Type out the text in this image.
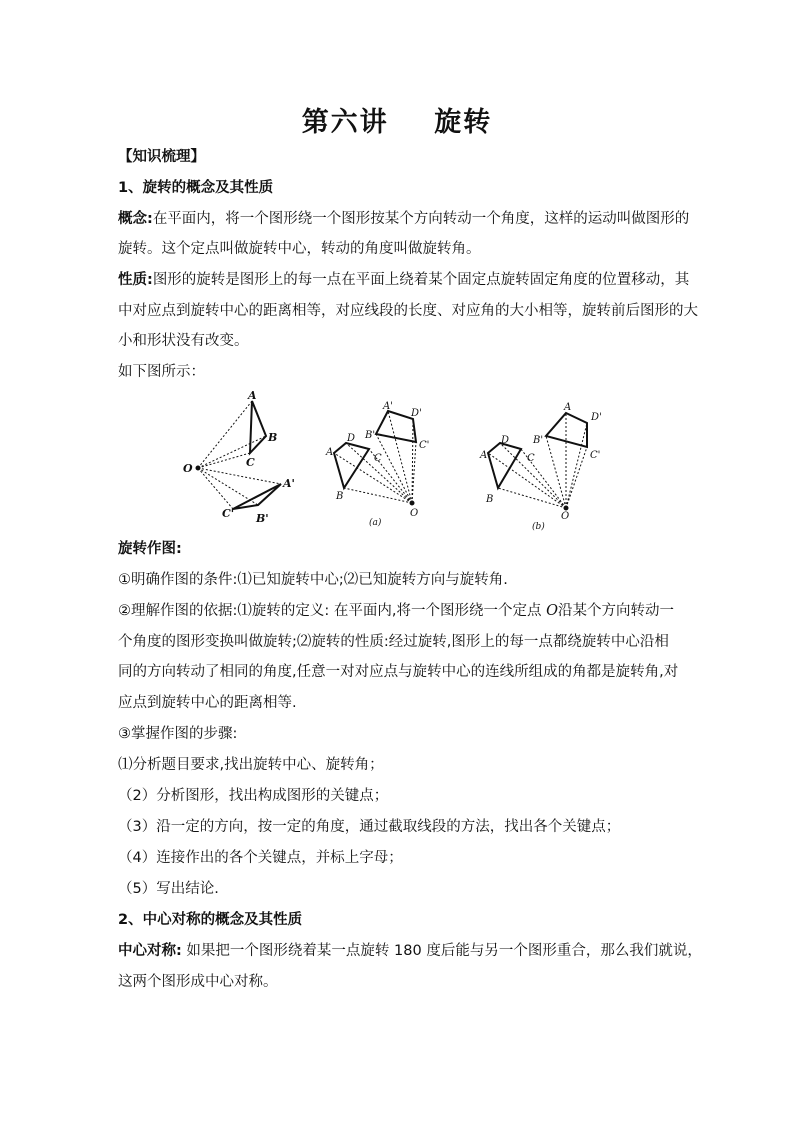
第六讲    旋转
【知识梳理】
1、旋转的概念及其性质
概念:在平面内，将一个图形绕一个图形按某个方向转动一个角度，这样的运动叫做图形的
旋转。这个定点叫做旋转中心，转动的角度叫做旋转角。
性质:图形的旋转是图形上的每一点在平面上绕着某个固定点旋转固定角度的位置移动，其
中对应点到旋转中心的距离相等，对应线段的长度、对应角的大小相等，旋转前后图形的大
小和形状没有改变。
如下图所示：
A
B
C
O
A'
C' B'
A
D
C
B
A'
D'
B'
C'
O
(a)
A
D
C
B
A
D'
B'
C'
O
(b)
旋转作图:
①明确作图的条件:⑴已知旋转中心;⑵已知旋转方向与旋转角.
②理解作图的依据:⑴旋转的定义: 在平面内,将一个图形绕一个定点 O沿某个方向转动一
个角度的图形变换叫做旋转;⑵旋转的性质:经过旋转,图形上的每一点都绕旋转中心沿相
同的方向转动了相同的角度,任意一对对应点与旋转中心的连线所组成的角都是旋转角,对
应点到旋转中心的距离相等.
③掌握作图的步骤:
⑴分析题目要求,找出旋转中心、旋转角；
（2）分析图形，找出构成图形的关键点；
（3）沿一定的方向，按一定的角度，通过截取线段的方法，找出各个关键点；
（4）连接作出的各个关键点，并标上字母；
（5）写出结论.
2、中心对称的概念及其性质
中心对称: 如果把一个图形绕着某一点旋转 180 度后能与另一个图形重合，那么我们就说，
这两个图形成中心对称。
